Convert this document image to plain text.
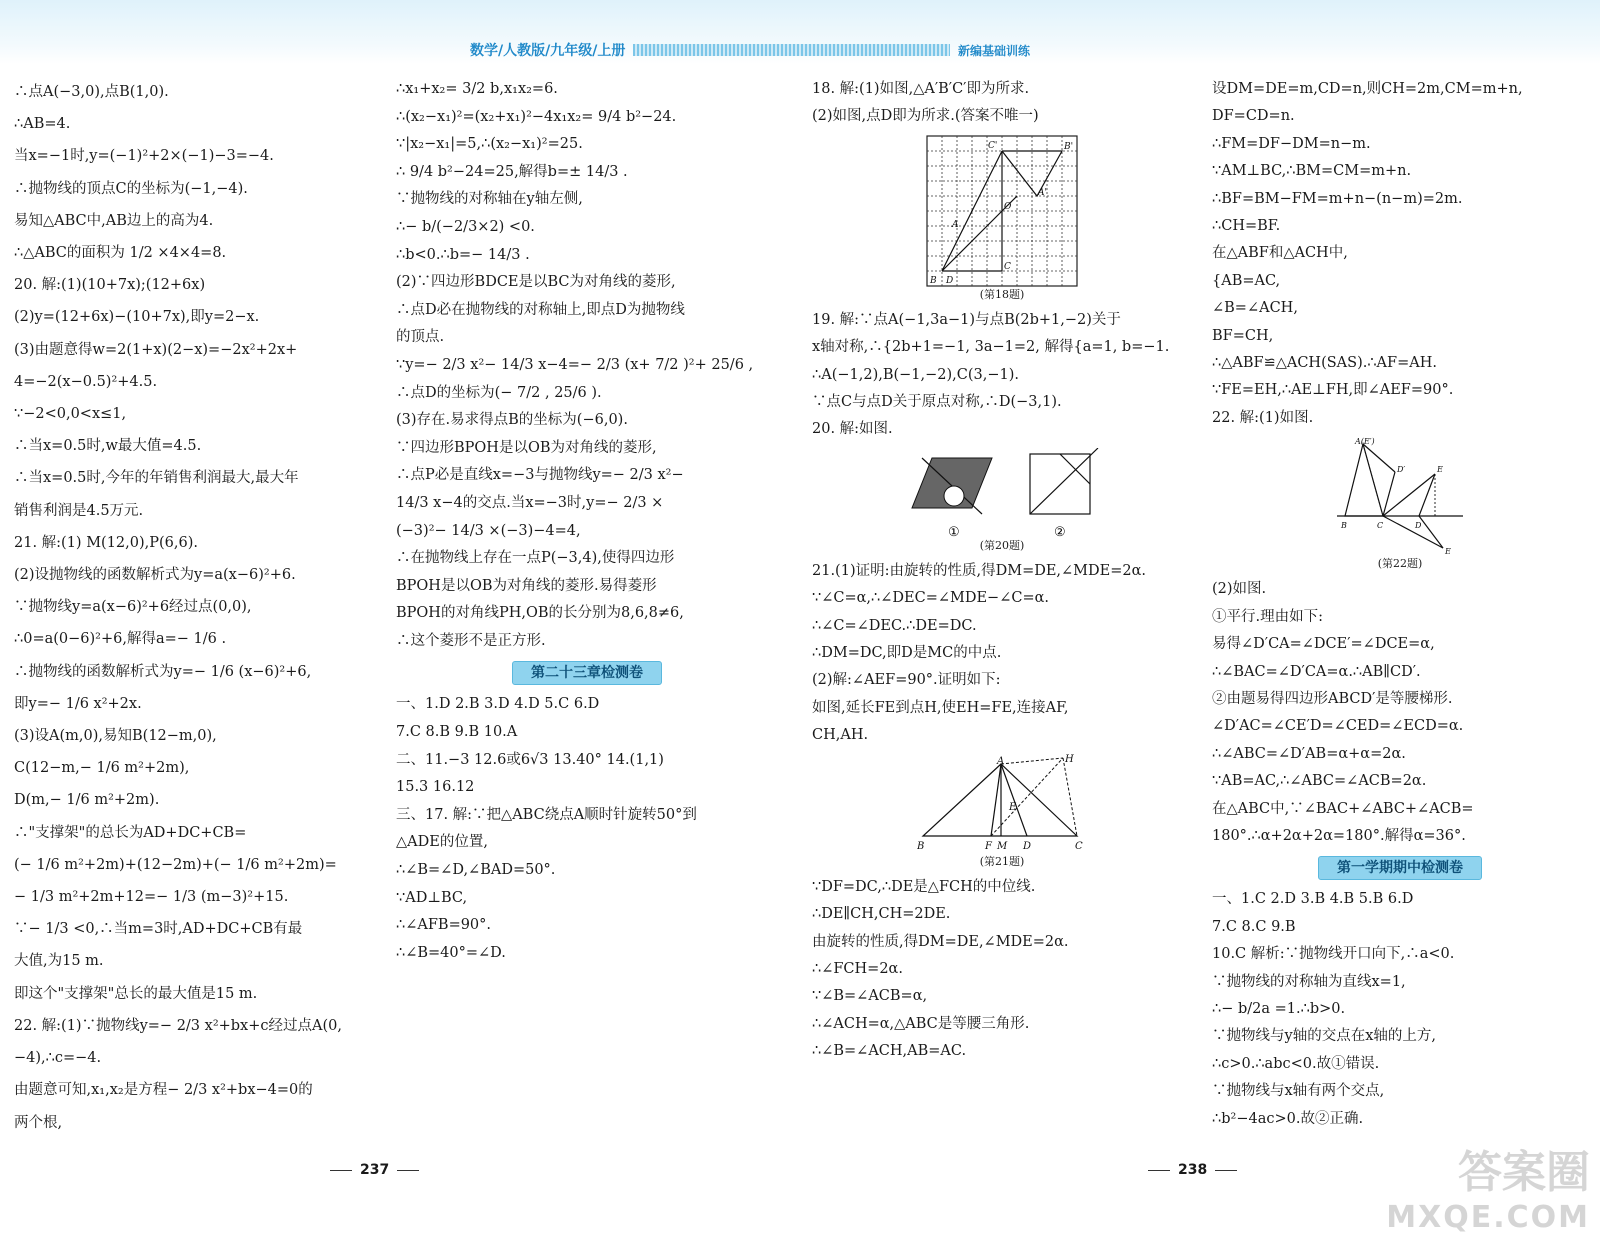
数学/人教版/九年级/上册	新编基础训练
∴点A(−3,0),点B(1,0).
∴AB=4.
当x=−1时,y=(−1)²+2×(−1)−3=−4.
∴抛物线的顶点C的坐标为(−1,−4).
易知△ABC中,AB边上的高为4.
∴△ABC的面积为 1/2 ×4×4=8.
20. 解:(1)(10+7x);(12+6x)
(2)y=(12+6x)−(10+7x),即y=2−x.
(3)由题意得w=2(1+x)(2−x)=−2x²+2x+
4=−2(x−0.5)²+4.5.
∵−2<0,0<x≤1,
∴当x=0.5时,w最大值=4.5.
∴当x=0.5时,今年的年销售利润最大,最大年
销售利润是4.5万元.
21. 解:(1) M(12,0),P(6,6).
(2)设抛物线的函数解析式为y=a(x−6)²+6.
∵抛物线y=a(x−6)²+6经过点(0,0),
∴0=a(0−6)²+6,解得a=− 1/6 .
∴抛物线的函数解析式为y=− 1/6 (x−6)²+6,
即y=− 1/6 x²+2x.
(3)设A(m,0),易知B(12−m,0),
C(12−m,− 1/6 m²+2m),
D(m,− 1/6 m²+2m).
∴"支撑架"的总长为AD+DC+CB=
(− 1/6 m²+2m)+(12−2m)+(− 1/6 m²+2m)=
− 1/3 m²+2m+12=− 1/3 (m−3)²+15.
∵− 1/3 <0,∴当m=3时,AD+DC+CB有最
大值,为15 m.
即这个"支撑架"总长的最大值是15 m.
22. 解:(1)∵抛物线y=− 2/3 x²+bx+c经过点A(0,
−4),∴c=−4.
由题意可知,x₁,x₂是方程− 2/3 x²+bx−4=0的
两个根,
∴x₁+x₂= 3/2 b,x₁x₂=6.
∴(x₂−x₁)²=(x₂+x₁)²−4x₁x₂= 9/4 b²−24.
∵|x₂−x₁|=5,∴(x₂−x₁)²=25.
∴ 9/4 b²−24=25,解得b=± 14/3 .
∵抛物线的对称轴在y轴左侧,
∴− b/(−2/3×2) <0.
∴b<0.∴b=− 14/3 .
(2)∵四边形BDCE是以BC为对角线的菱形,
∴点D必在抛物线的对称轴上,即点D为抛物线
的顶点.
∵y=− 2/3 x²− 14/3 x−4=− 2/3 (x+ 7/2 )²+ 25/6 ,
∴点D的坐标为(− 7/2 , 25/6 ).
(3)存在.易求得点B的坐标为(−6,0).
∵四边形BPOH是以OB为对角线的菱形,
∴点P必是直线x=−3与抛物线y=− 2/3 x²−
14/3 x−4的交点.当x=−3时,y=− 2/3 ×
(−3)²− 14/3 ×(−3)−4=4,
∴在抛物线上存在一点P(−3,4),使得四边形
BPOH是以OB为对角线的菱形.易得菱形
BPOH的对角线PH,OB的长分别为8,6,8≠6,
∴这个菱形不是正方形.
第二十三章检测卷
一、1.D 2.B 3.D 4.D 5.C 6.D
7.C 8.B 9.B 10.A
二、11.−3 12.6或6√3 13.40° 14.(1,1)
15.3 16.12
三、17. 解:∵把△ABC绕点A顺时针旋转50°到
△ADE的位置,
∴∠B=∠D,∠BAD=50°.
∵AD⊥BC,
∴∠AFB=90°.
∴∠B=40°=∠D.
18. 解:(1)如图,△A′B′C′即为所求.
(2)如图,点D即为所求.(答案不唯一)
C'	B'
A'
A
O
C
B D
(第18题)
19. 解:∵点A(−1,3a−1)与点B(2b+1,−2)关于
x轴对称,∴{2b+1=−1, 3a−1=2, 解得{a=1, b=−1.
∴A(−1,2),B(−1,−2),C(3,−1).
∵点C与点D关于原点对称,∴D(−3,1).
20. 解:如图.
①	②
(第20题)
21.(1)证明:由旋转的性质,得DM=DE,∠MDE=2α.
∵∠C=α,∴∠DEC=∠MDE−∠C=α.
∴∠C=∠DEC.∴DE=DC.
∴DM=DC,即D是MC的中点.
(2)解:∠AEF=90°.证明如下:
如图,延长FE到点H,使EH=FE,连接AF,
CH,AH.
A	H
E
B	F M D	C
(第21题)
∵DF=DC,∴DE是△FCH的中位线.
∴DE∥CH,CH=2DE.
由旋转的性质,得DM=DE,∠MDE=2α.
∴∠FCH=2α.
∵∠B=∠ACB=α,
∴∠ACH=α,△ABC是等腰三角形.
∴∠B=∠ACH,AB=AC.
设DM=DE=m,CD=n,则CH=2m,CM=m+n,
DF=CD=n.
∴FM=DF−DM=n−m.
∵AM⊥BC,∴BM=CM=m+n.
∴BF=BM−FM=m+n−(n−m)=2m.
∴CH=BF.
在△ABF和△ACH中,
{AB=AC,
∠B=∠ACH,
BF=CH,
∴△ABF≌△ACH(SAS).∴AF=AH.
∵FE=EH,∴AE⊥FH,即∠AEF=90°.
22. 解:(1)如图.
A(E′)
D′	E
B	C	D
E
(第22题)
(2)如图.
①平行.理由如下:
易得∠D′CA=∠DCE′=∠DCE=α,
∴∠BAC=∠D′CA=α.∴AB∥CD′.
②由题易得四边形ABCD′是等腰梯形.
∠D′AC=∠CE′D=∠CED=∠ECD=α.
∴∠ABC=∠D′AB=α+α=2α.
∵AB=AC,∴∠ABC=∠ACB=2α.
在△ABC中,∵∠BAC+∠ABC+∠ACB=
180°.∴α+2α+2α=180°.解得α=36°.
第一学期期中检测卷
一、1.C 2.D 3.B 4.B 5.B 6.D
7.C 8.C 9.B
10.C 解析:∵抛物线开口向下,∴a<0.
∵抛物线的对称轴为直线x=1,
∴− b/2a =1.∴b>0.
∵抛物线与y轴的交点在x轴的上方,
∴c>0.∴abc<0.故①错误.
∵抛物线与x轴有两个交点,
∴b²−4ac>0.故②正确.
237	238	答案圈
MXQE.COM
